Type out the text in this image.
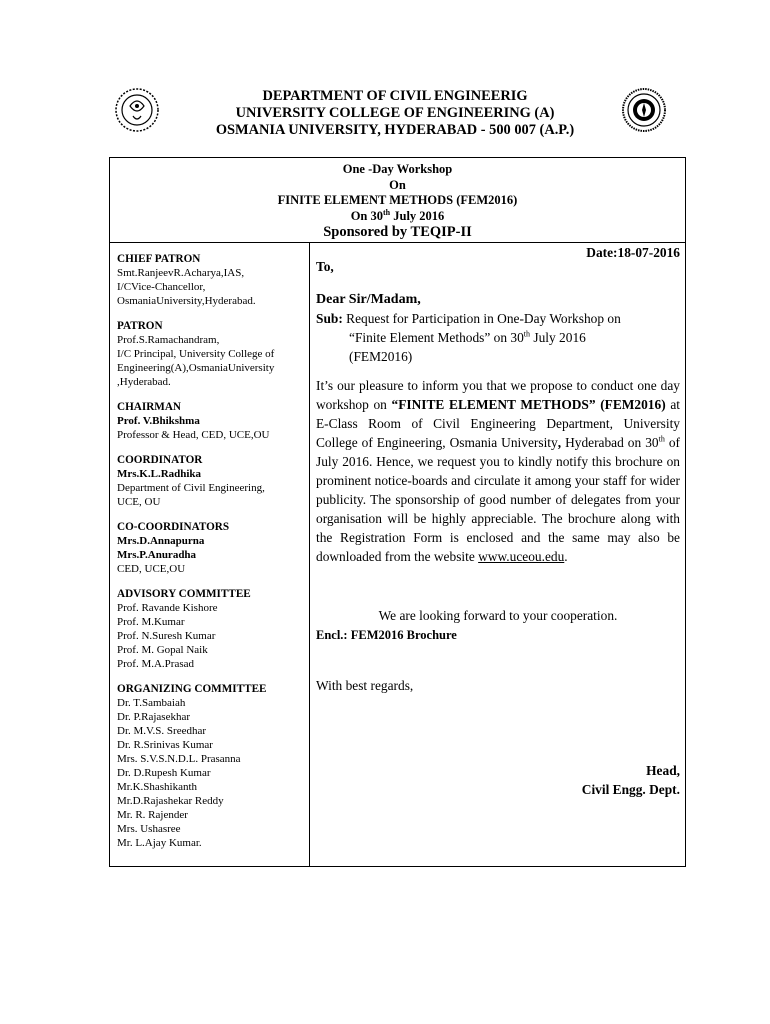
DEPARTMENT OF CIVIL ENGINEERIG
UNIVERSITY COLLEGE OF ENGINEERING (A)
OSMANIA UNIVERSITY, HYDERABAD - 500 007 (A.P.)
One -Day Workshop
On
FINITE ELEMENT METHODS (FEM2016)
On 30th July 2016
Sponsored by TEQIP-II
CHIEF PATRON
Smt.RanjeevR.Acharya,IAS,
I/CVice-Chancellor,
OsmaniaUniversity,Hyderabad.
PATRON
Prof.S.Ramachandram,
I/C Principal, University College of
Engineering(A),OsmaniaUniversity
,Hyderabad.
CHAIRMAN
Prof. V.Bhikshma
Professor & Head, CED, UCE,OU
COORDINATOR
Mrs.K.L.Radhika
Department of Civil Engineering,
UCE, OU
CO-COORDINATORS
Mrs.D.Annapurna
Mrs.P.Anuradha
CED, UCE,OU
ADVISORY COMMITTEE
Prof. Ravande Kishore
Prof. M.Kumar
Prof. N.Suresh Kumar
Prof. M. Gopal Naik
Prof. M.A.Prasad
ORGANIZING COMMITTEE
Dr. T.Sambaiah
Dr. P.Rajasekhar
Dr. M.V.S. Sreedhar
Dr. R.Srinivas Kumar
Mrs. S.V.S.N.D.L. Prasanna
Dr. D.Rupesh Kumar
Mr.K.Shashikanth
Mr.D.Rajashekar Reddy
Mr. R. Rajender
Mrs. Ushasree
Mr. L.Ajay Kumar.
Date:18-07-2016
To,
Dear Sir/Madam,
Sub: Request for Participation in One-Day Workshop on
“Finite Element Methods” on 30th July 2016
(FEM2016)
It’s our pleasure to inform you that we propose to conduct one day workshop on “FINITE ELEMENT METHODS” (FEM2016) at E-Class Room of Civil Engineering Department, University College of Engineering, Osmania University, Hyderabad on 30th of July 2016. Hence, we request you to kindly notify this brochure on prominent notice-boards and circulate it among your staff for wider publicity. The sponsorship of good number of delegates from your organisation will be highly appreciable. The brochure along with the Registration Form is enclosed and the same may also be downloaded from the website www.uceou.edu.
We are looking forward to your cooperation.
Encl.: FEM2016 Brochure
With best regards,
Head,
Civil Engg. Dept.
